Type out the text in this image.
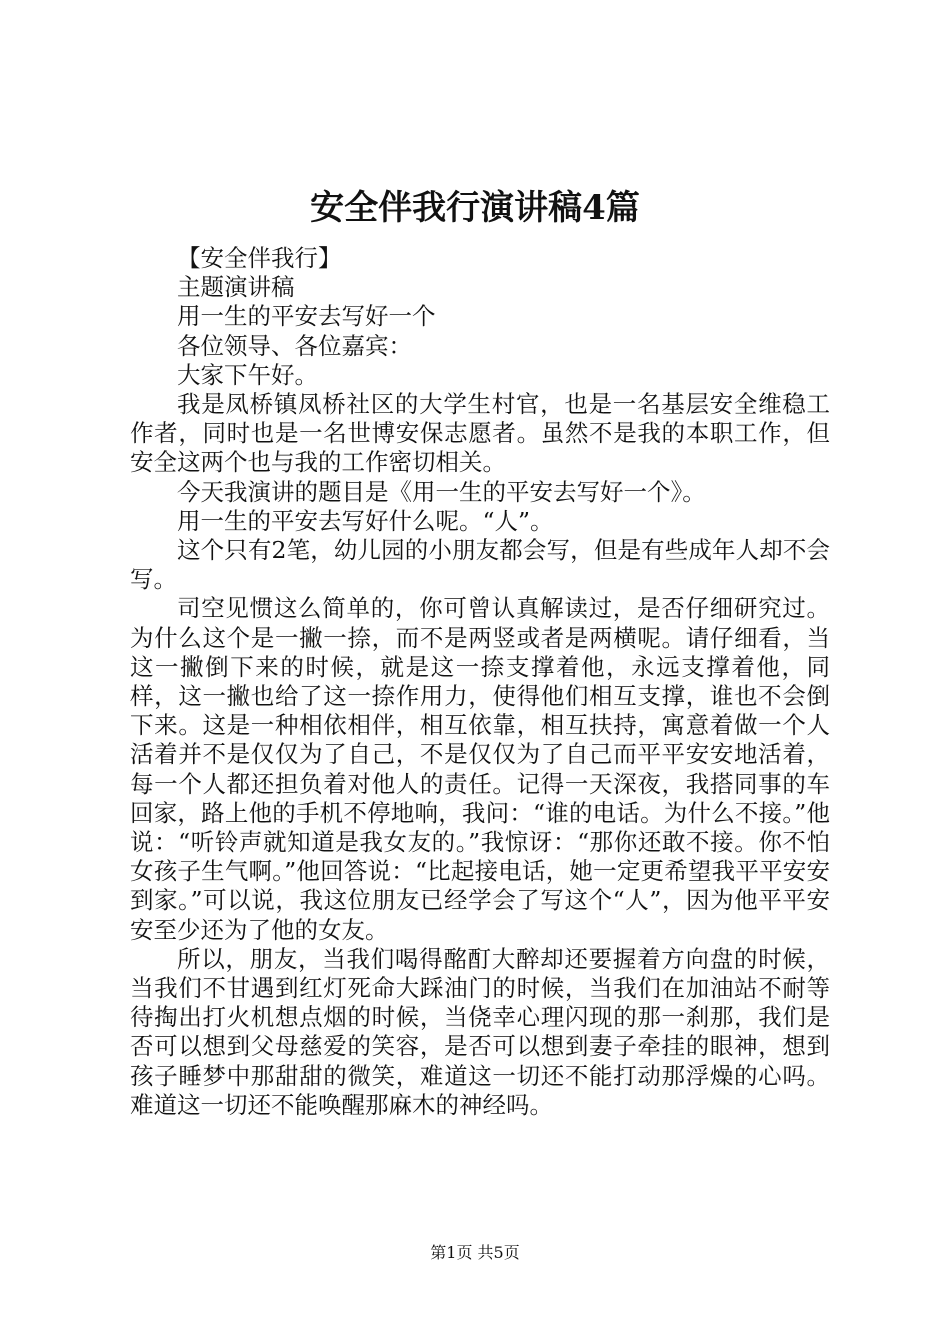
安全伴我行演讲稿4篇

【安全伴我行】

主题演讲稿

用一生的平安去写好一个

各位领导、各位嘉宾：

大家下午好。

我是凤桥镇凤桥社区的大学生村官，也是一名基层安全维稳工作者，同时也是一名世博安保志愿者。虽然不是我的本职工作，但安全这两个也与我的工作密切相关。

今天我演讲的题目是《用一生的平安去写好一个》。

用一生的平安去写好什么呢。“人”。

这个只有2笔，幼儿园的小朋友都会写，但是有些成年人却不会写。

司空见惯这么简单的，你可曾认真解读过，是否仔细研究过。为什么这个是一撇一捺，而不是两竖或者是两横呢。请仔细看，当这一撇倒下来的时候，就是这一捺支撑着他，永远支撑着他，同样，这一撇也给了这一捺作用力，使得他们相互支撑，谁也不会倒下来。这是一种相依相伴，相互依靠，相互扶持，寓意着做一个人活着并不是仅仅为了自己，不是仅仅为了自己而平平安安地活着，每一个人都还担负着对他人的责任。记得一天深夜，我搭同事的车回家，路上他的手机不停地响，我问：“谁的电话。为什么不接。”他说：“听铃声就知道是我女友的。”我惊讶：“那你还敢不接。你不怕女孩子生气啊。”他回答说：“比起接电话，她一定更希望我平平安安到家。”可以说，我这位朋友已经学会了写这个“人”，因为他平平安安至少还为了他的女友。

所以，朋友，当我们喝得酩酊大醉却还要握着方向盘的时候，当我们不甘遇到红灯死命大踩油门的时候，当我们在加油站不耐等待掏出打火机想点烟的时候，当侥幸心理闪现的那一刹那，我们是否可以想到父母慈爱的笑容，是否可以想到妻子牵挂的眼神，想到孩子睡梦中那甜甜的微笑，难道这一切还不能打动那浮燥的心吗。难道这一切还不能唤醒那麻木的神经吗。

第1页 共5页
